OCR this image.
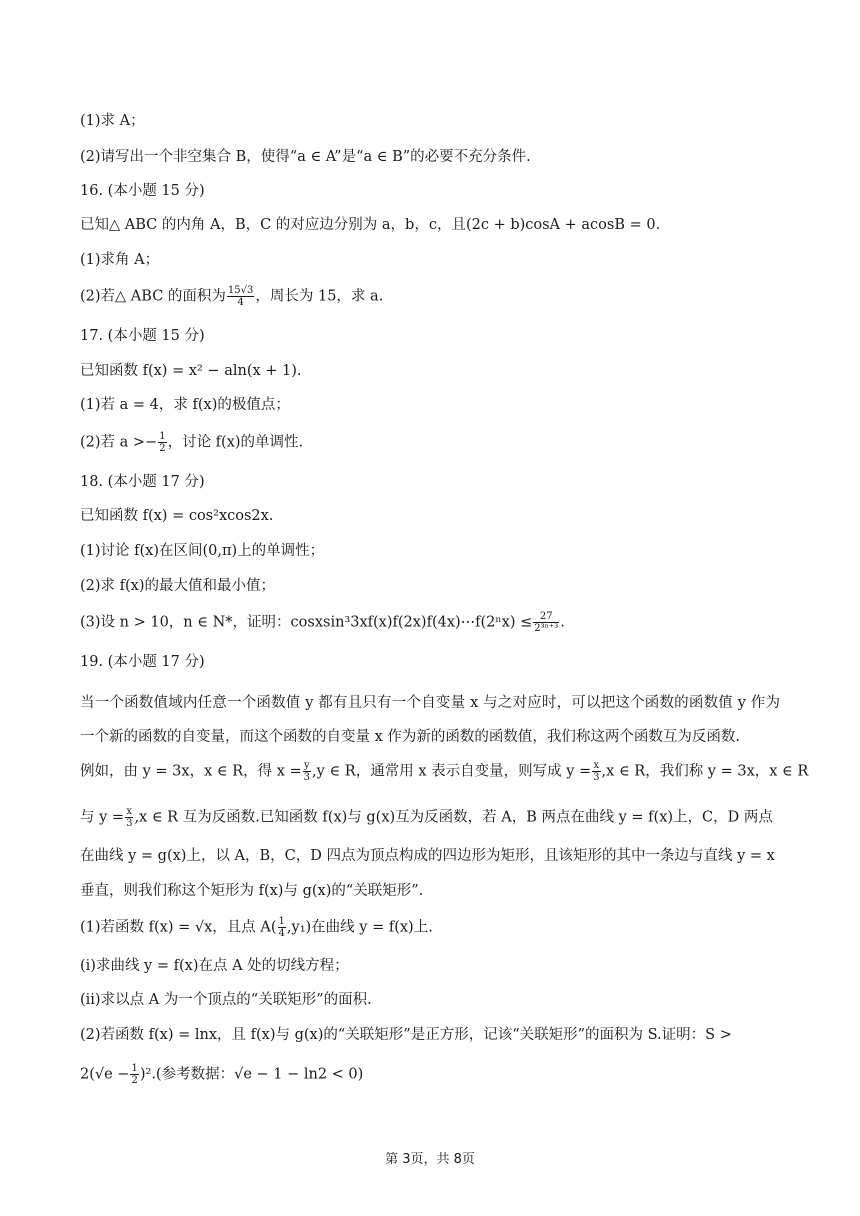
(1)求 A；
(2)请写出一个非空集合 B，使得“a ∈ A”是“a ∈ B”的必要不充分条件.
16. (本小题 15 分)
已知△ ABC 的内角 A，B，C 的对应边分别为 a，b，c，且(2c + b)cosA + acosB = 0.
(1)求角 A；
(2)若△ ABC 的面积为 $\frac{15√3}{4}$ ，周长为 15，求 a.
17. (本小题 15 分)
已知函数 f(x) = x² − aln(x + 1).
(1)若 a = 4，求 f(x)的极值点；
(2)若 $a >- \frac{1}{2}$ ，讨论 f(x)的单调性.
18. (本小题 17 分)
已知函数 f(x) = cos²xcos2x.
(1)讨论 f(x)在区间(0,π)上的单调性；
(2)求 f(x)的最大值和最小值；
(3)设 n > 10，n ∈ N*，证明：cosxsin³3xf(x)f(2x)f(4x)⋯f(2ⁿx) ≤ $\frac{27}{\text{2³ⁿ⁺³}}$ .
19. (本小题 17 分)
当一个函数值域内任意一个函数值 y 都有且只有一个自变量 x 与之对应时，可以把这个函数的函数值 y 作为一个新的函数的自变量，而这个函数的自变量 x 作为新的函数的函数值，我们称这两个函数互为反函数.
例如，由 y = 3x，x ∈ R，得 $x = \frac{y}{3} ,y$ ∈ R，通常用 x 表示自变量，则写成 $y = \frac{x}{3} ,x$ ∈ R，我们称 y = 3x，x ∈ R
与 $y = \frac{x}{3} ,x$ ∈ R 互为反函数.已知函数 f(x)与 g(x)互为反函数，若 A，B 两点在曲线 y = f(x)上，C，D 两点
在曲线 y = g(x)上，以 A，B，C，D 四点为顶点构成的四边形为矩形，且该矩形的其中一条边与直线 y = x
垂直，则我们称这个矩形为 f(x)与 g(x)的“关联矩形”.
(1)若函数 f(x) = √x，且点 $A( \frac{1}{4} ,y_1)$在曲线 y = f(x)上.
(ⅰ)求曲线 y = f(x)在点 A 处的切线方程；
(ⅱ)求以点 A 为一个顶点的“关联矩形”的面积.
(2)若函数 f(x) = lnx，且 f(x)与 g(x)的“关联矩形”是正方形，记该“关联矩形”的面积为 S.证明：S >
$2(√e - \frac{1}{2} )^2$.(参考数据：√e − 1 − ln2 < 0)
第 3页，共 8页
